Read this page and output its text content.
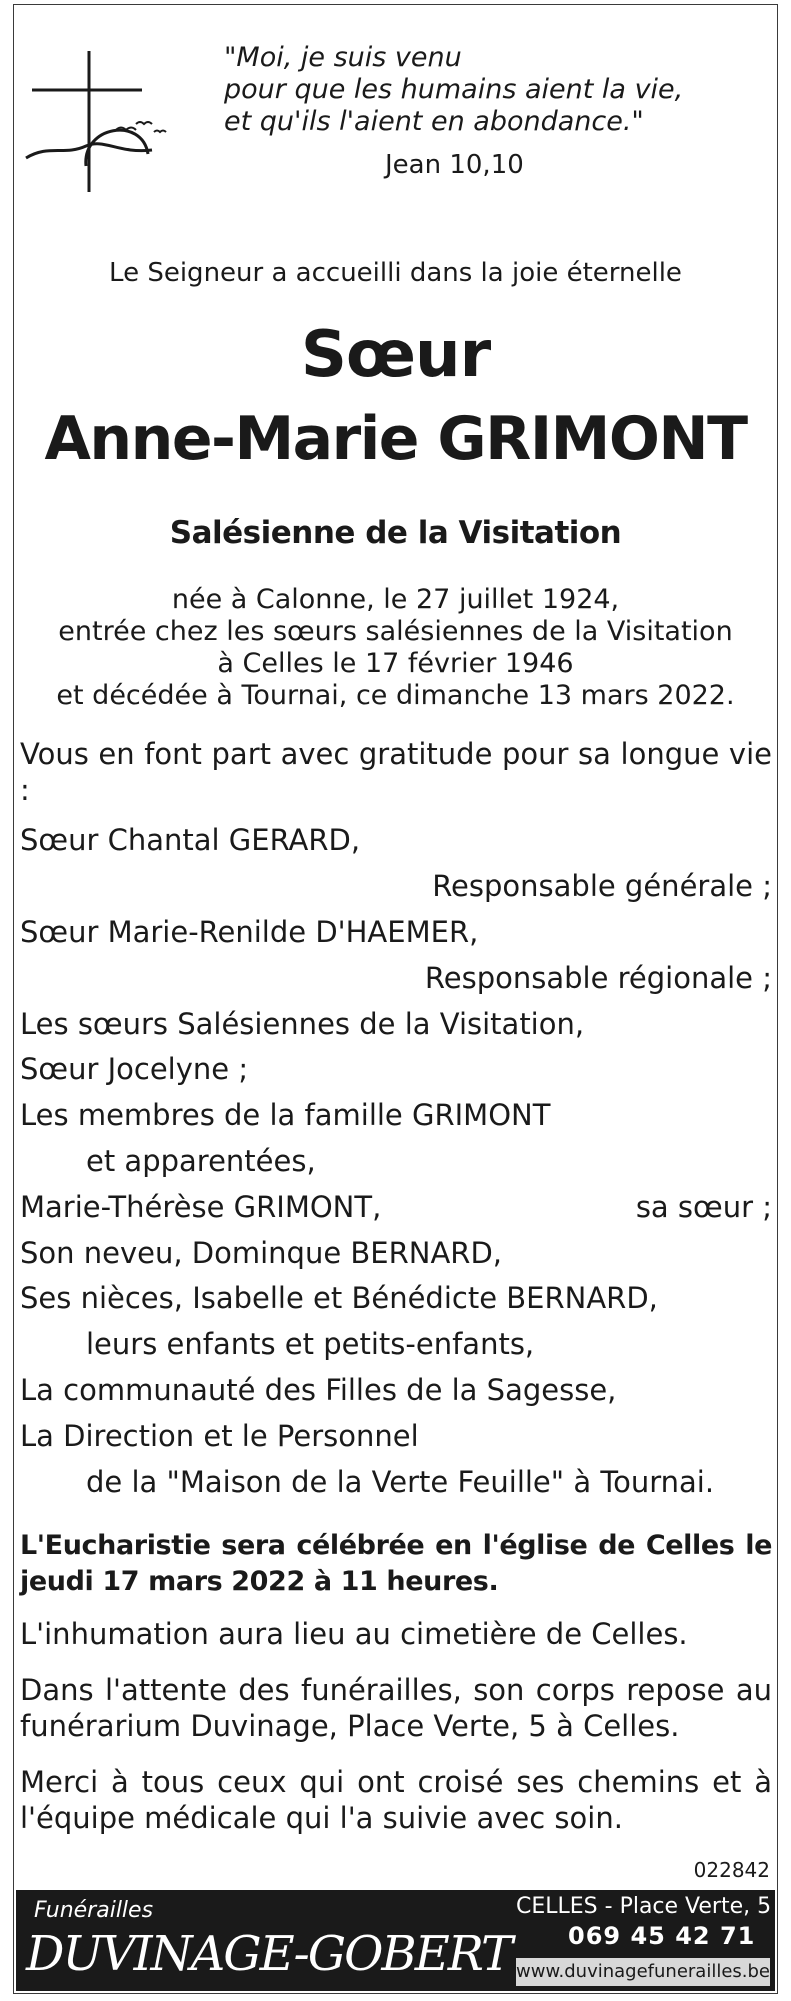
"Moi, je suis venu
pour que les humains aient la vie,
et qu'ils l'aient en abondance."
Jean 10,10
Le Seigneur a accueilli dans la joie éternelle
Sœur
Anne-Marie GRIMONT
Salésienne de la Visitation
née à Calonne, le 27 juillet 1924,
entrée chez les sœurs salésiennes de la Visitation
à Celles le 17 février 1946
et décédée à Tournai, ce dimanche 13 mars 2022.
Vous en font part avec gratitude pour sa longue vie :
Sœur Chantal GERARD,
Responsable générale ;
Sœur Marie-Renilde D'HAEMER,
Responsable régionale ;
Les sœurs Salésiennes de la Visitation,
Sœur Jocelyne ;
Les membres de la famille GRIMONT
et apparentées,
Marie-Thérèse GRIMONT,	sa sœur ;
Son neveu, Dominque BERNARD,
Ses nièces, Isabelle et Bénédicte BERNARD,
leurs enfants et petits-enfants,
La communauté des Filles de la Sagesse,
La Direction et le Personnel
de la "Maison de la Verte Feuille" à Tournai.
L'Eucharistie sera célébrée en l'église de Celles le jeudi 17 mars 2022 à 11 heures.
L'inhumation aura lieu au cimetière de Celles.
Dans l'attente des funérailles, son corps repose au funérarium Duvinage, Place Verte, 5 à Celles.
Merci à tous ceux qui ont croisé ses chemins et à l'équipe médicale qui l'a suivie avec soin.
022842
Funérailles
DUVINAGE-GOBERT
CELLES - Place Verte, 5
069 45 42 71
www.duvinagefunerailles.be
